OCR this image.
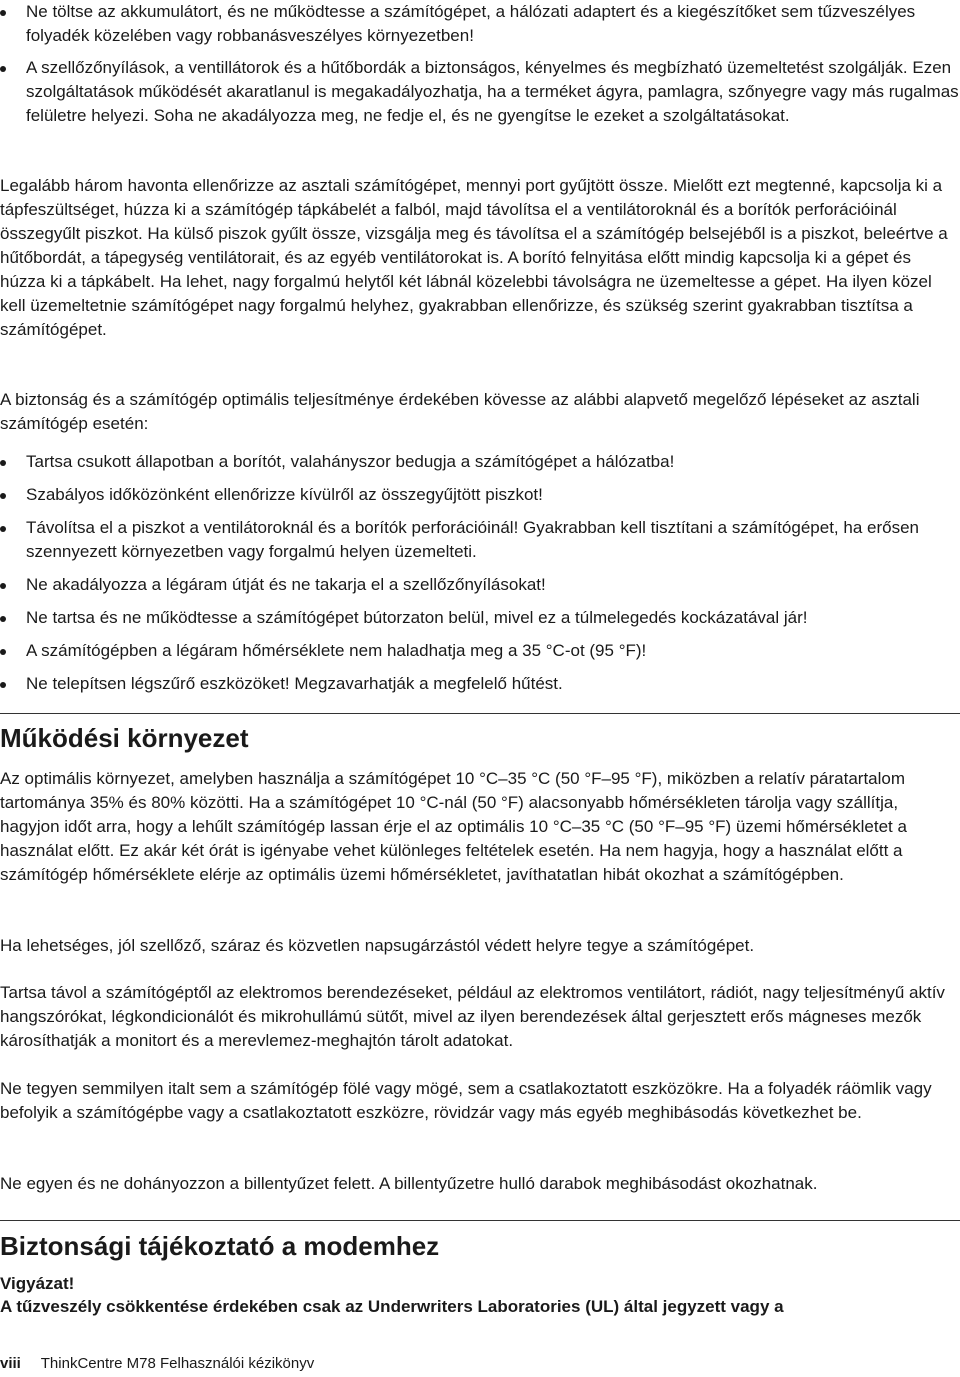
Ne töltse az akkumulátort, és ne működtesse a számítógépet, a hálózati adaptert és a kiegészítőket sem tűzveszélyes folyadék közelében vagy robbanásveszélyes környezetben!
A szellőzőnyílások, a ventillátorok és a hűtőbordák a biztonságos, kényelmes és megbízható üzemeltetést szolgálják. Ezen szolgáltatások működését akaratlanul is megakadályozhatja, ha a terméket ágyra, pamlagra, szőnyegre vagy más rugalmas felületre helyezi. Soha ne akadályozza meg, ne fedje el, és ne gyengítse le ezeket a szolgáltatásokat.

Legalább három havonta ellenőrizze az asztali számítógépet, mennyi port gyűjtött össze. Mielőtt ezt megtenné, kapcsolja ki a tápfeszültséget, húzza ki a számítógép tápkábelét a falból, majd távolítsa el a ventilátoroknál és a borítók perforációinál összegyűlt piszkot. Ha külső piszok gyűlt össze, vizsgálja meg és távolítsa el a számítógép belsejéből is a piszkot, beleértve a hűtőbordát, a tápegység ventilátorait, és az egyéb ventilátorokat is. A borító felnyitása előtt mindig kapcsolja ki a gépet és húzza ki a tápkábelt. Ha lehet, nagy forgalmú helytől két lábnál közelebbi távolságra ne üzemeltesse a gépet. Ha ilyen közel kell üzemeltetnie számítógépet nagy forgalmú helyhez, gyakrabban ellenőrizze, és szükség szerint gyakrabban tisztítsa a számítógépet.

A biztonság és a számítógép optimális teljesítménye érdekében kövesse az alábbi alapvető megelőző lépéseket az asztali számítógép esetén:

Tartsa csukott állapotban a borítót, valahányszor bedugja a számítógépet a hálózatba!
Szabályos időközönként ellenőrizze kívülről az összegyűjtött piszkot!
Távolítsa el a piszkot a ventilátoroknál és a borítók perforációinál! Gyakrabban kell tisztítani a számítógépet, ha erősen szennyezett környezetben vagy forgalmú helyen üzemelteti.
Ne akadályozza a légáram útját és ne takarja el a szellőzőnyílásokat!
Ne tartsa és ne működtesse a számítógépet bútorzaton belül, mivel ez a túlmelegedés kockázatával jár!
A számítógépben a légáram hőmérséklete nem haladhatja meg a 35 °C-ot (95 °F)!
Ne telepítsen légszűrő eszközöket! Megzavarhatják a megfelelő hűtést.
Működési környezet

Az optimális környezet, amelyben használja a számítógépet 10 °C–35 °C (50 °F–95 °F), miközben a relatív páratartalom tartománya 35% és 80% közötti. Ha a számítógépet 10 °C-nál (50 °F) alacsonyabb hőmérsékleten tárolja vagy szállítja, hagyjon időt arra, hogy a lehűlt számítógép lassan érje el az optimális 10 °C–35 °C (50 °F–95 °F) üzemi hőmérsékletet a használat előtt. Ez akár két órát is igényabe vehet különleges feltételek esetén. Ha nem hagyja, hogy a használat előtt a számítógép hőmérséklete elérje az optimális üzemi hőmérsékletet, javíthatatlan hibát okozhat a számítógépben.

Ha lehetséges, jól szellőző, száraz és közvetlen napsugárzástól védett helyre tegye a számítógépet.

Tartsa távol a számítógéptől az elektromos berendezéseket, például az elektromos ventilátort, rádiót, nagy teljesítményű aktív hangszórókat, légkondicionálót és mikrohullámú sütőt, mivel az ilyen berendezések által gerjesztett erős mágneses mezők károsíthatják a monitort és a merevlemez-meghajtón tárolt adatokat.

Ne tegyen semmilyen italt sem a számítógép fölé vagy mögé, sem a csatlakoztatott eszközökre. Ha a folyadék ráömlik vagy befolyik a számítógépbe vagy a csatlakoztatott eszközre, rövidzár vagy más egyéb meghibásodás következhet be.

Ne egyen és ne dohányozzon a billentyűzet felett. A billentyűzetre hulló darabok meghibásodást okozhatnak.

Biztonsági tájékoztató a modemhez
Vigyázat!
A tűzveszély csökkentése érdekében csak az Underwriters Laboratories (UL) által jegyzett vagy a
viii ThinkCentre M78 Felhasználói kézikönyv
